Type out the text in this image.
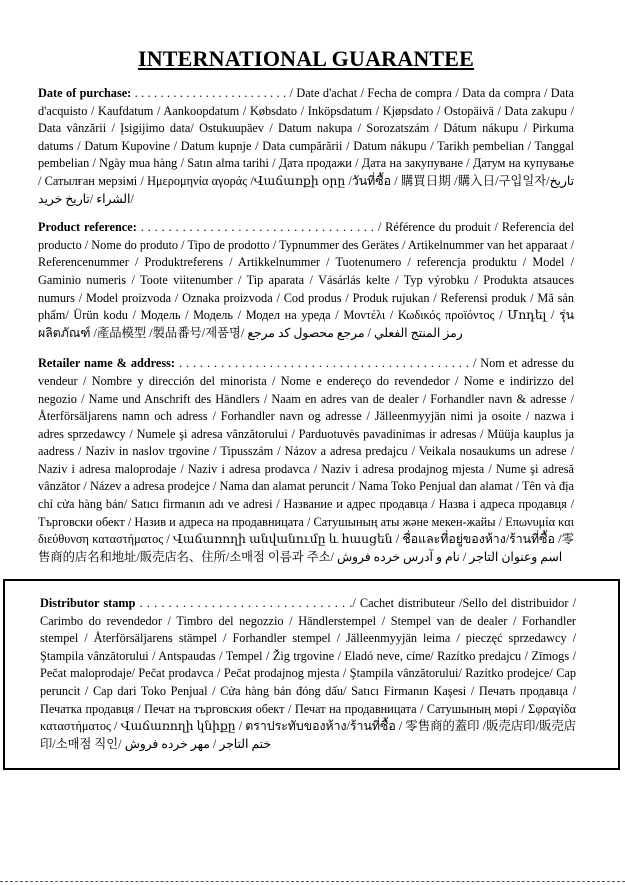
INTERNATIONAL GUARANTEE
Date of purchase: . . . . . . . . . . . . . . . . . . . . . . . . / Date d'achat / Fecha de compra / Data da compra / Data d'acquisto / Kaufdatum / Aankoopdatum / Købsdato / Inköpsdatum / Kjøpsdato / Ostopäivä / Data zakupu / Data vânzării / Įsigijimo data/ Ostukuupäev / Datum nakupa / Sorozatszám / Dátum nákupu / Pirkuma datums / Datum Kupovine / Datum kupnje / Data cumpărării / Datum nákupu / Tarikh pembelian / Tanggal pembelian / Ngày mua hàng / Satın alma tarihi / Дата продажи / Дата на закупуване / Датум на купување / Сатылған мерзімі / Ημερομηνία αγοράς /Վաճառքի օրը /วันที่ซื้อ / 購買日期 /購入日/구입일자/تاريخ الشراء /تاريخ خريد/
Product reference: . . . . . . . . . . . . . . . . . . . . . . . . . . . . . . . . . . / Référence du produit / Referencia del producto / Nome do produto / Tipo de prodotto / Typnummer des Gerätes / Artikelnummer van het apparaat / Referencenummer / Produktreferens / Artikkelnummer / Tuotenumero / referencja produktu / Model / Gaminio numeris / Toote viitenumber / Tip aparata / Vásárlás kelte / Typ výrobku / Produkta atsauces numurs / Model proizvoda / Oznaka proizvoda / Cod produs / Produk rujukan / Referensi produk / Mã sản phẩm/ Ürün kodu / Модель / Модель / Модел на уреда / Μοντέλι / Κωδικός προϊόντος / Մոդել / รุ่นผลิตภัณฑ์ /產品模型 /製品番号/제품명/ رمز المنتج الفعلي / مرجع محصول کد مرجع
Retailer name & address: . . . . . . . . . . . . . . . . . . . . . . . . . . . . . . . . . . . . . . . . . . / Nom et adresse du vendeur / Nombre y dirección del minorista / Nome e endereço do revendedor / Nome e indirizzo del negozio / Name und Anschrift des Händlers / Naam en adres van de dealer / Forhandler navn & adresse / Återförsäljarens namn och adress / Forhandler navn og adresse / Jälleenmyyjän nimi ja osoite / nazwa i adres sprzedawcy / Numele şi adresa vânzătorului / Parduotuvės pavadinimas ir adresas / Müüja kauplus ja aadress / Naziv in naslov trgovine / Tipusszám / Názov a adresa predajcu / Veikala nosaukums un adrese / Naziv i adresa maloprodaje / Naziv i adresa prodavca / Naziv i adresa prodajnog mjesta / Nume şi adresă vânzător / Název a adresa prodejce / Nama dan alamat peruncit / Nama Toko Penjual dan alamat / Tên và địa chỉ cửa hàng bán/ Satıcı firmanın adı ve adresi / Название и адрес продавца / Назва і адреса продавця / Търговски обект / Назив и адреса на продавницата / Сатушының аты және мекен-жайы / Επωνυμία και διεύθυνση καταστήματος / Վաճառողի անվանումը և հասցեն / ชื่อและที่อยู่ของห้าง/ร้านที่ซื้อ /零售商的店名和地址/販売店名、住所/소매점 이름과 주소/ اسم وعنوان التاجر / نام و آدرس خرده فروش
Distributor stamp . . . . . . . . . . . . . . . . . . . . . . . . . . . . . ./ Cachet distributeur /Sello del distribuidor / Carimbo do revendedor / Timbro del negozzio / Händlerstempel / Stempel van de dealer / Forhandler stempel / Återförsäljarens stämpel / Forhandler stempel / Jälleenmyyjän leima / pieczęć sprzedawcy / Ştampila vânzătorului / Antspaudas / Tempel / Žig trgovine / Eladó neve, címe/ Razítko predajcu / Zīmogs / Pečat maloprodaje/ Pečat prodavca / Pečat prodajnog mjesta / Ştampila vânzătorului/ Razítko prodejce/ Cap peruncit / Cap dari Toko Penjual / Cửa hàng bán đóng dấu/ Satıcı Firmanın Kaşesi / Печать продавца / Печатка продавця / Печат на търговския обект / Печат на продавницата / Сатушының мөрі / Σφραγίδα καταστήματος / Վաճառողի կնիքը / ตราประทับของห้าง/ร้านที่ซื้อ / 零售商的蓋印 /販売店印/販売店印/소매점 직인/ ختم التاجر / مهر خرده فروش
